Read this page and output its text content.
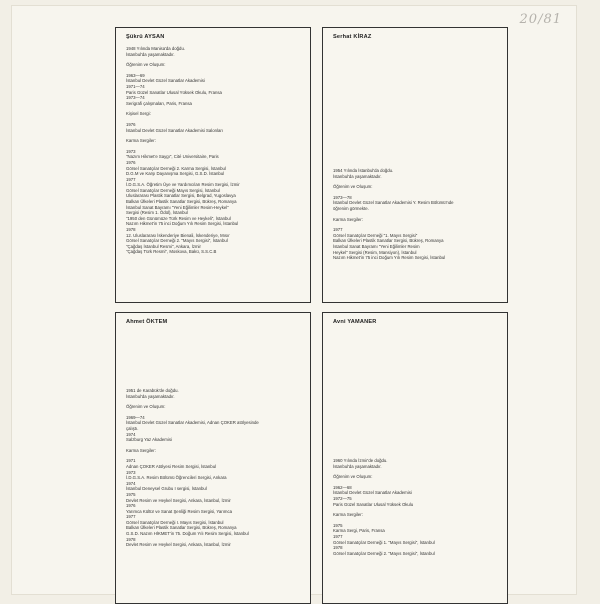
20/81
Şükrü AYSAN

1948 Yılında Manisa'da doğdu.

İstanbul'da yaşamaktadır.

Öğrenim ve Oluşum:

1963—69

İstanbul Devlet Güzel Sanatlar Akademisi

1971—74

Paris Güzel Sanatlar Ulusal Yüksek Okulu, Fransa

1973—74

Serigrafi çalışmaları, Paris, Fransa

Kişisel Sergi:

1976

İstanbul Devlet Güzel Sanatlar Akademisi Salonları

Karma Sergiler:

1973

"Nazım Hikmet'e Saygı", Cité Universitaire, Paris

1976

Görsel Sanatçılar Derneği 2. Karma Sergisi, İstanbul

D.G.M ve Karşı Dayanışma Sergisi, G.S.D. İstanbul

1977

İ.D.G.S.A. Öğretim Üye ve Yardımcıları Resim Sergisi, İzmir

Görsel Sanatçılar Derneği Mayıs Sergisi, İstanbul

Uluslararası Plastik Sanatlar Sergisi, Belgrad, Yugoslavya

Balkan Ülkeleri Plastik Sanatlar Sergisi, Bükreş, Romanya

İstanbul Sanat Bayramı "Yeni Eğilimler Resim-Heykel"

Sergisi (Resim 1. Ödül), İstanbul

"1950 den Günümüze Türk Resim ve Heykeli", İstanbul

Nazım Hikmet'in 75 inci Doğum Yılı Resim Sergisi, İstanbul

1978

12. Uluslararası İskenderiye Bienali, İskenderiye, Mısır

Görsel Sanatçılar Derneği 2. "Mayıs Sergisi", İstanbul

"Çağdaş İstanbul Resmi", Ankara, İzmir

"Çağdaş Türk Resmi", Moskova, Bakü, S.S.C.B

Serhat KİRAZ

1954 Yılında İstanbul'da doğdu.

İstanbul'da yaşamaktadır.

Öğrenim ve Oluşum:

1973—78

İstanbul Devlet Güzel Sanatlar Akademisi Y. Resim Bölümü'nde

öğrenim görmekte.

Karma Sergiler:

1977

Görsel Sanatçılar Derneği "1. Mayıs Sergisi"

Balkan Ülkeleri Plastik Sanatlar Sergisi, Bükreş, Romanya

İstanbul Sanat Bayramı "Yeni Eğilimler Resim

Heykel" Sergisi (Resim, Mansiyon), İstanbul

Nazım Hikmet'in 75 inci Doğum Yılı Resim Sergisi, İstanbul

Ahmet ÖKTEM

1951 de Karabük'de doğdu.

İstanbul'da yaşamaktadır.

Öğrenim ve Oluşum:

1969—74

İstanbul Devlet Güzel Sanatlar Akademisi, Adnan ÇOKER atölyesinde

çalıştı.

1974

Salzburg Yaz Akademisi

Karma Sergiler:

1971

Adnan ÇOKER Atölyesi Resim Sergisi, İstanbul

1973

İ.D.G.S.A. Resim Bölümü Öğrencileri Sergisi, Ankara

1974

İstanbul Deneysel Grubu I sergisi, İstanbul

1975

Devlet Resim ve Heykel Sergisi, Ankara, İstanbul, İzmir

1976

Yarımca Kültür ve Sanat Şenliği Resim Sergisi, Yarımca

1977

Görsel Sanatçılar Derneği I. Mayıs Sergisi, İstanbul

Balkan Ülkeleri Plastik Sanatlar Sergisi, Bükreş, Romanya

G.S.D. Nazım HİKMET'in 75. Doğum Yılı Resim Sergisi, İstanbul

1978

Devlet Resim ve Heykel Sergisi, Ankara, İstanbul, İzmir

Avni YAMANER

1960 Yılında İzmir'de doğdu.

İstanbul'da yaşamaktadır.

Öğrenim ve Oluşum:

1962—68

İstanbul Devlet Güzel Sanatlar Akademisi

1972—75

Paris Güzel Sanatlar Ulusal Yüksek Okulu

Karma Sergiler:

1975

Karma Sergi, Paris, Fransa

1977

Görsel Sanatçılar Derneği 1. "Mayıs Sergisi", İstanbul

1978

Görsel Sanatçılar Derneği 2. "Mayıs Sergisi", İstanbul
